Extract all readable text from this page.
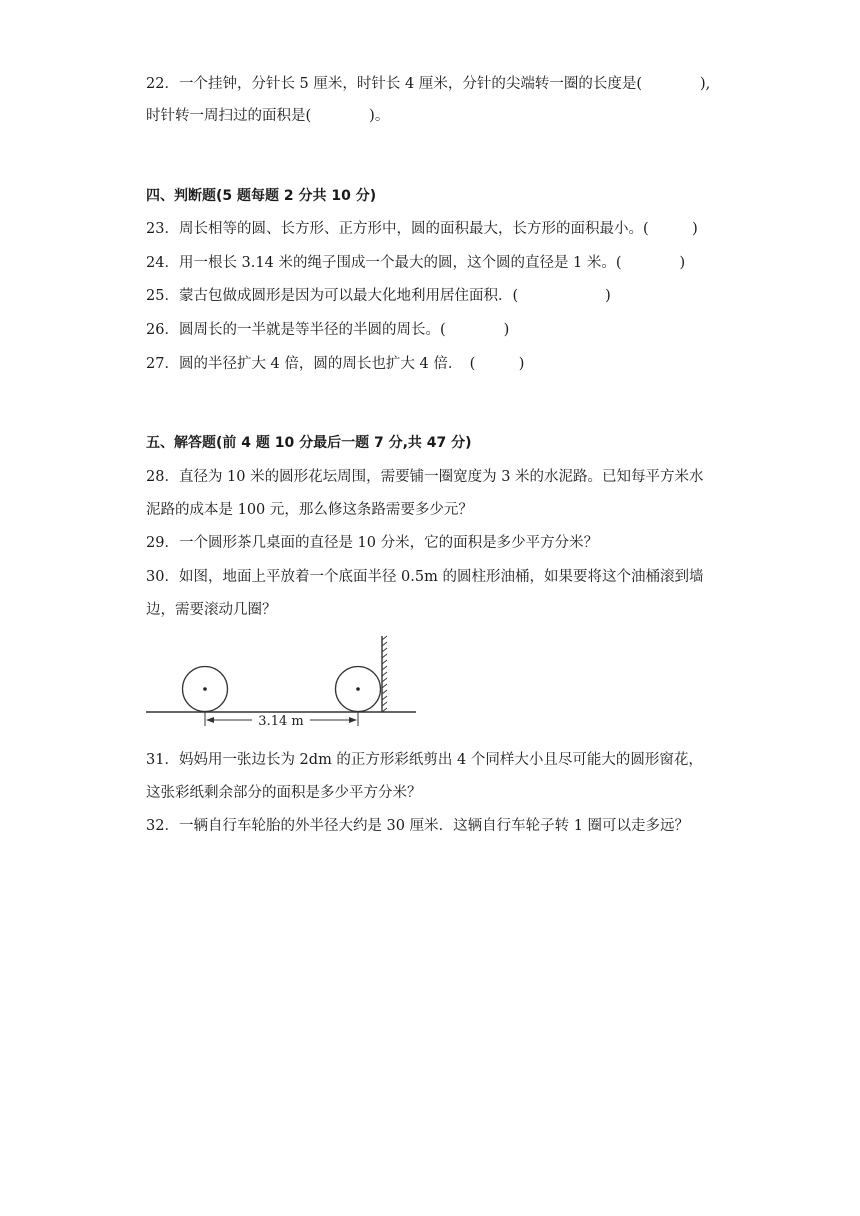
22．一个挂钟，分针长 5 厘米，时针长 4 厘米，分针的尖端转一圈的长度是(　　　　),
时针转一周扫过的面积是(　　　　)。
四、判断题(5 题每题 2 分共 10 分)
23．周长相等的圆、长方形、正方形中，圆的面积最大，长方形的面积最小。(　　　)
24．用一根长 3.14 米的绳子围成一个最大的圆，这个圆的直径是 1 米。(　　　　)
25．蒙古包做成圆形是因为可以最大化地利用居住面积．(　　　　　　)
26．圆周长的一半就是等半径的半圆的周长。(　　　　)
27．圆的半径扩大 4 倍，圆的周长也扩大 4 倍．　(　　　)
五、解答题(前 4 题 10 分最后一题 7 分,共 47 分)
28．直径为 10 米的圆形花坛周围，需要铺一圈宽度为 3 米的水泥路。已知每平方米水
泥路的成本是 100 元，那么修这条路需要多少元？
29．一个圆形茶几桌面的直径是 10 分米，它的面积是多少平方分米？
30．如图，地面上平放着一个底面半径 0.5m 的圆柱形油桶，如果要将这个油桶滚到墙
边，需要滚动几圈？
3.14 m
31．妈妈用一张边长为 2dm 的正方形彩纸剪出 4 个同样大小且尽可能大的圆形窗花，
这张彩纸剩余部分的面积是多少平方分米？
32．一辆自行车轮胎的外半径大约是 30 厘米．这辆自行车轮子转 1 圈可以走多远？
